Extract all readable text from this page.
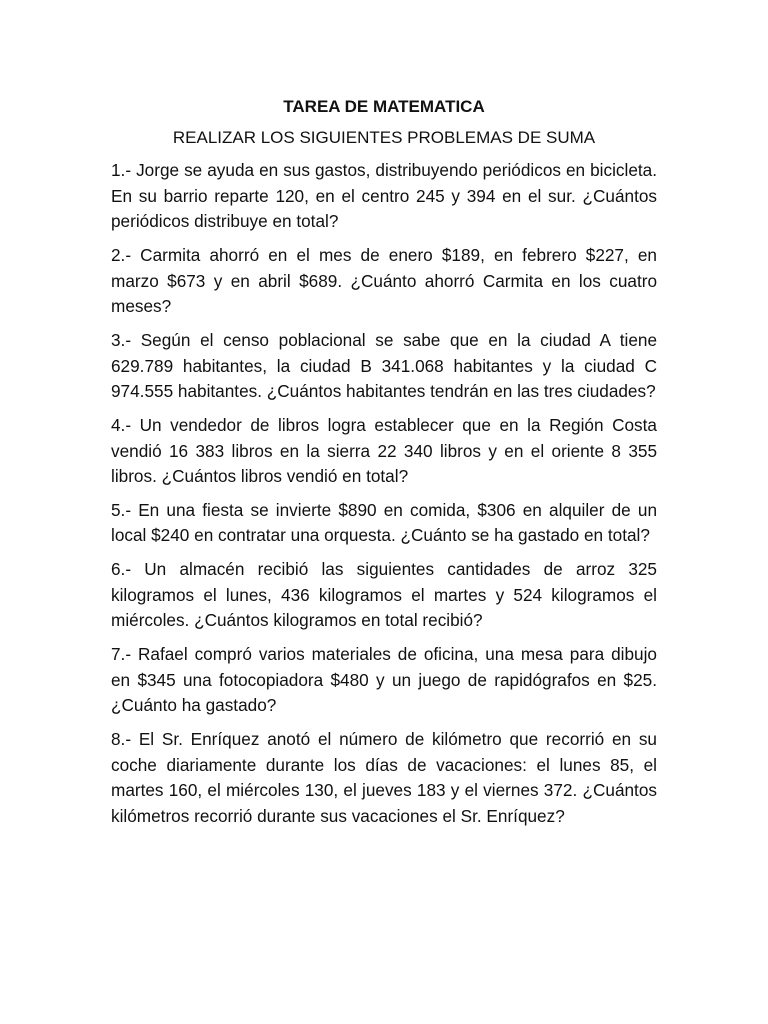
TAREA DE MATEMATICA
REALIZAR LOS SIGUIENTES PROBLEMAS DE SUMA

1.- Jorge se ayuda en sus gastos, distribuyendo periódicos en bicicleta. En su barrio reparte 120, en el centro 245 y 394 en el sur. ¿Cuántos periódicos distribuye en total?

2.- Carmita ahorró en el mes de enero $189, en febrero $227, en marzo $673 y en abril $689. ¿Cuánto ahorró Carmita en los cuatro meses?

3.- Según el censo poblacional se sabe que en la ciudad A tiene 629.789 habitantes, la ciudad B 341.068 habitantes y la ciudad C 974.555 habitantes. ¿Cuántos habitantes tendrán en las tres ciudades?

4.- Un vendedor de libros logra establecer que en la Región Costa vendió 16 383 libros en la sierra 22 340 libros y en el oriente 8 355 libros. ¿Cuántos libros vendió en total?

5.- En una fiesta se invierte $890 en comida, $306 en alquiler de un local $240 en contratar una orquesta. ¿Cuánto se ha gastado en total?

6.- Un almacén recibió las siguientes cantidades de arroz 325 kilogramos el lunes, 436 kilogramos el martes y 524 kilogramos el miércoles. ¿Cuántos kilogramos en total recibió?

7.- Rafael compró varios materiales de oficina, una mesa para dibujo en $345 una fotocopiadora $480 y un juego de rapidógrafos en $25. ¿Cuánto ha gastado?

8.- El Sr. Enríquez anotó el número de kilómetro que recorrió en su coche diariamente durante los días de vacaciones: el lunes 85, el martes 160, el miércoles 130, el jueves 183 y el viernes 372. ¿Cuántos kilómetros recorrió durante sus vacaciones el Sr. Enríquez?
